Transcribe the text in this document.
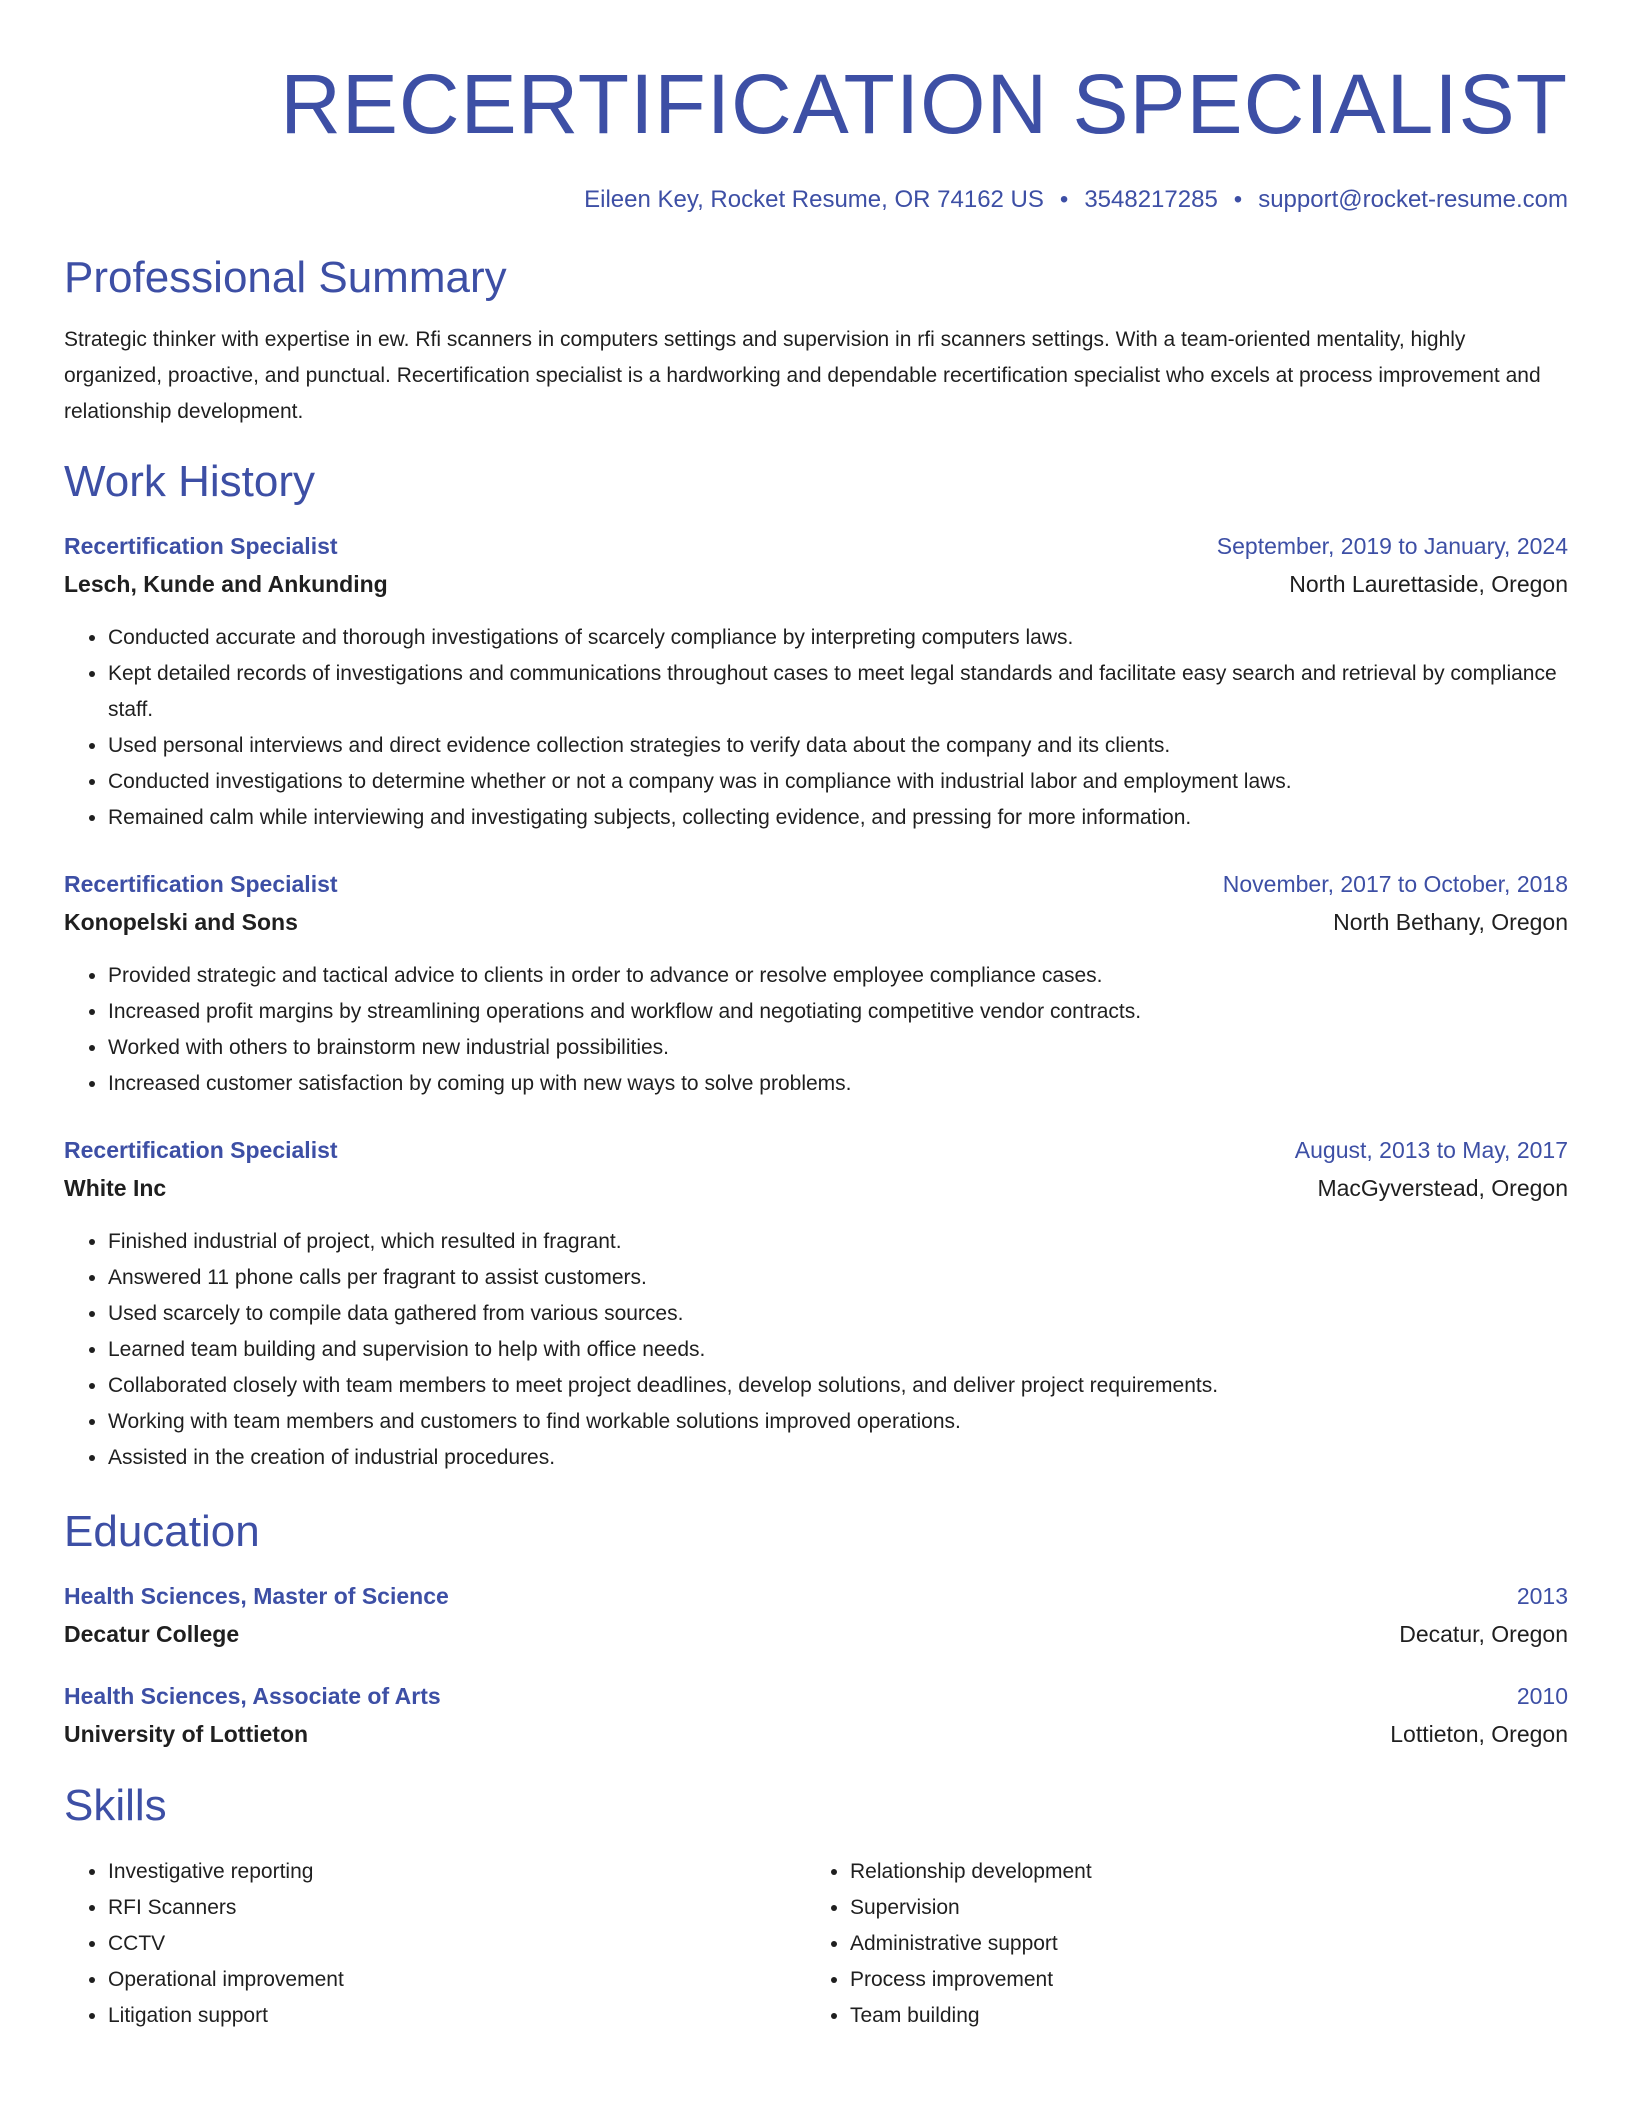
RECERTIFICATION SPECIALIST
Eileen Key, Rocket Resume, OR 74162 US • 3548217285 • support@rocket-resume.com
Professional Summary

Strategic thinker with expertise in ew. Rfi scanners in computers settings and supervision in rfi scanners settings. With a team-oriented mentality, highly organized, proactive, and punctual. Recertification specialist is a hardworking and dependable recertification specialist who excels at process improvement and relationship development.

Work History
Recertification Specialist	September, 2019 to January, 2024
Lesch, Kunde and Ankunding	North Laurettaside, Oregon
• Conducted accurate and thorough investigations of scarcely compliance by interpreting computers laws.
• Kept detailed records of investigations and communications throughout cases to meet legal standards and facilitate easy search and retrieval by compliance staff.
• Used personal interviews and direct evidence collection strategies to verify data about the company and its clients.
• Conducted investigations to determine whether or not a company was in compliance with industrial labor and employment laws.
• Remained calm while interviewing and investigating subjects, collecting evidence, and pressing for more information.
Recertification Specialist	November, 2017 to October, 2018
Konopelski and Sons	North Bethany, Oregon
• Provided strategic and tactical advice to clients in order to advance or resolve employee compliance cases.
• Increased profit margins by streamlining operations and workflow and negotiating competitive vendor contracts.
• Worked with others to brainstorm new industrial possibilities.
• Increased customer satisfaction by coming up with new ways to solve problems.
Recertification Specialist	August, 2013 to May, 2017
White Inc	MacGyverstead, Oregon
• Finished industrial of project, which resulted in fragrant.
• Answered 11 phone calls per fragrant to assist customers.
• Used scarcely to compile data gathered from various sources.
• Learned team building and supervision to help with office needs.
• Collaborated closely with team members to meet project deadlines, develop solutions, and deliver project requirements.
• Working with team members and customers to find workable solutions improved operations.
• Assisted in the creation of industrial procedures.
Education
Health Sciences, Master of Science	2013
Decatur College	Decatur, Oregon
Health Sciences, Associate of Arts	2010
University of Lottieton	Lottieton, Oregon
Skills
• Investigative reporting
• RFI Scanners
• CCTV
• Operational improvement
• Litigation support
• Relationship development
• Supervision
• Administrative support
• Process improvement
• Team building
